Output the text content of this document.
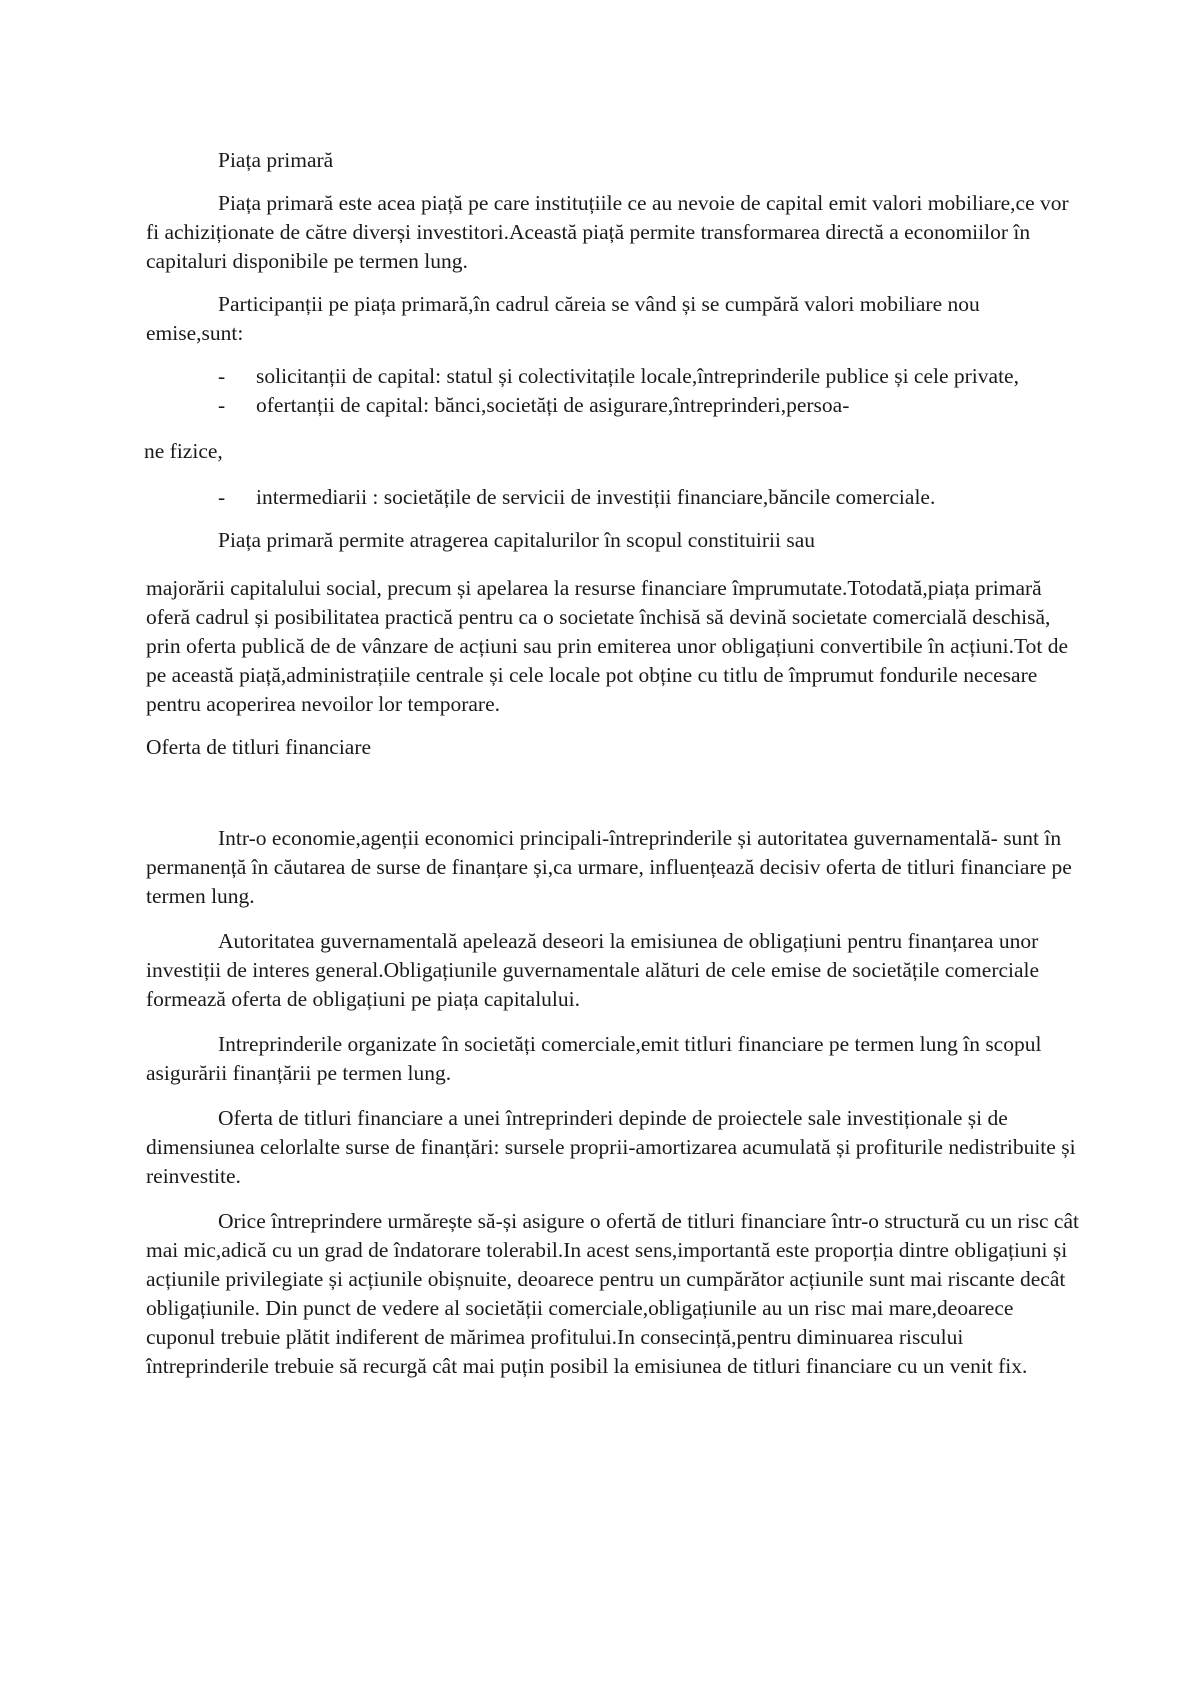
Piața primară

Piața primară este acea piață pe care instituțiile ce au nevoie de capital emit valori mobiliare,ce vor fi achiziționate de către diverși investitori.Această piață permite transformarea directă a economiilor în capitaluri disponibile pe termen lung.

Participanții pe piața primară,în cadrul căreia se vând și se cumpără valori mobiliare nou emise,sunt:

- solicitanții de capital: statul și colectivitațile locale,întreprinderile publice și cele private,
- ofertanții de capital: bănci,societăți de asigurare,întreprinderi,persoa-

ne fizice,

- intermediarii : societățile de servicii de investiții financiare,băncile comerciale.

Piața primară permite atragerea capitalurilor în scopul constituirii sau

majorării capitalului social, precum și apelarea la resurse financiare împrumutate.Totodată,piața primară oferă cadrul și posibilitatea practică pentru ca o societate închisă să devină societate comercială deschisă, prin oferta publică de de vânzare de acțiuni sau prin emiterea unor obligațiuni convertibile în acțiuni.Tot de pe această piață,administrațiile centrale și cele locale pot obține cu titlu de împrumut fondurile necesare pentru acoperirea nevoilor lor temporare.

Oferta de titluri financiare

Intr-o economie,agenții economici principali-întreprinderile și autoritatea guvernamentală- sunt în permanență în căutarea de surse de finanțare și,ca urmare, influențează decisiv oferta de titluri financiare pe termen lung.

Autoritatea guvernamentală apelează deseori la emisiunea de obligațiuni pentru finanțarea unor investiții de interes general.Obligațiunile guvernamentale alături de cele emise de societățile comerciale formează oferta de obligațiuni pe piața capitalului.

Intreprinderile organizate în societăți comerciale,emit titluri financiare pe termen lung în scopul asigurării finanțării pe termen lung.

Oferta de titluri financiare a unei întreprinderi depinde de proiectele sale investiționale și de dimensiunea celorlalte surse de finanțări: sursele proprii-amortizarea acumulată și profiturile nedistribuite și reinvestite.

Orice întreprindere urmărește să-și asigure o ofertă de titluri financiare într-o structură cu un risc cât mai mic,adică cu un grad de îndatorare tolerabil.In acest sens,importantă este proporția dintre obligațiuni și acțiunile privilegiate și acțiunile obișnuite, deoarece pentru un cumpărător acțiunile sunt mai riscante decât obligațiunile. Din punct de vedere al societății comerciale,obligațiunile au un risc mai mare,deoarece cuponul trebuie plătit indiferent de mărimea profitului.In consecință,pentru diminuarea riscului întreprinderile trebuie să recurgă cât mai puțin posibil la emisiunea de titluri financiare cu un venit fix.
